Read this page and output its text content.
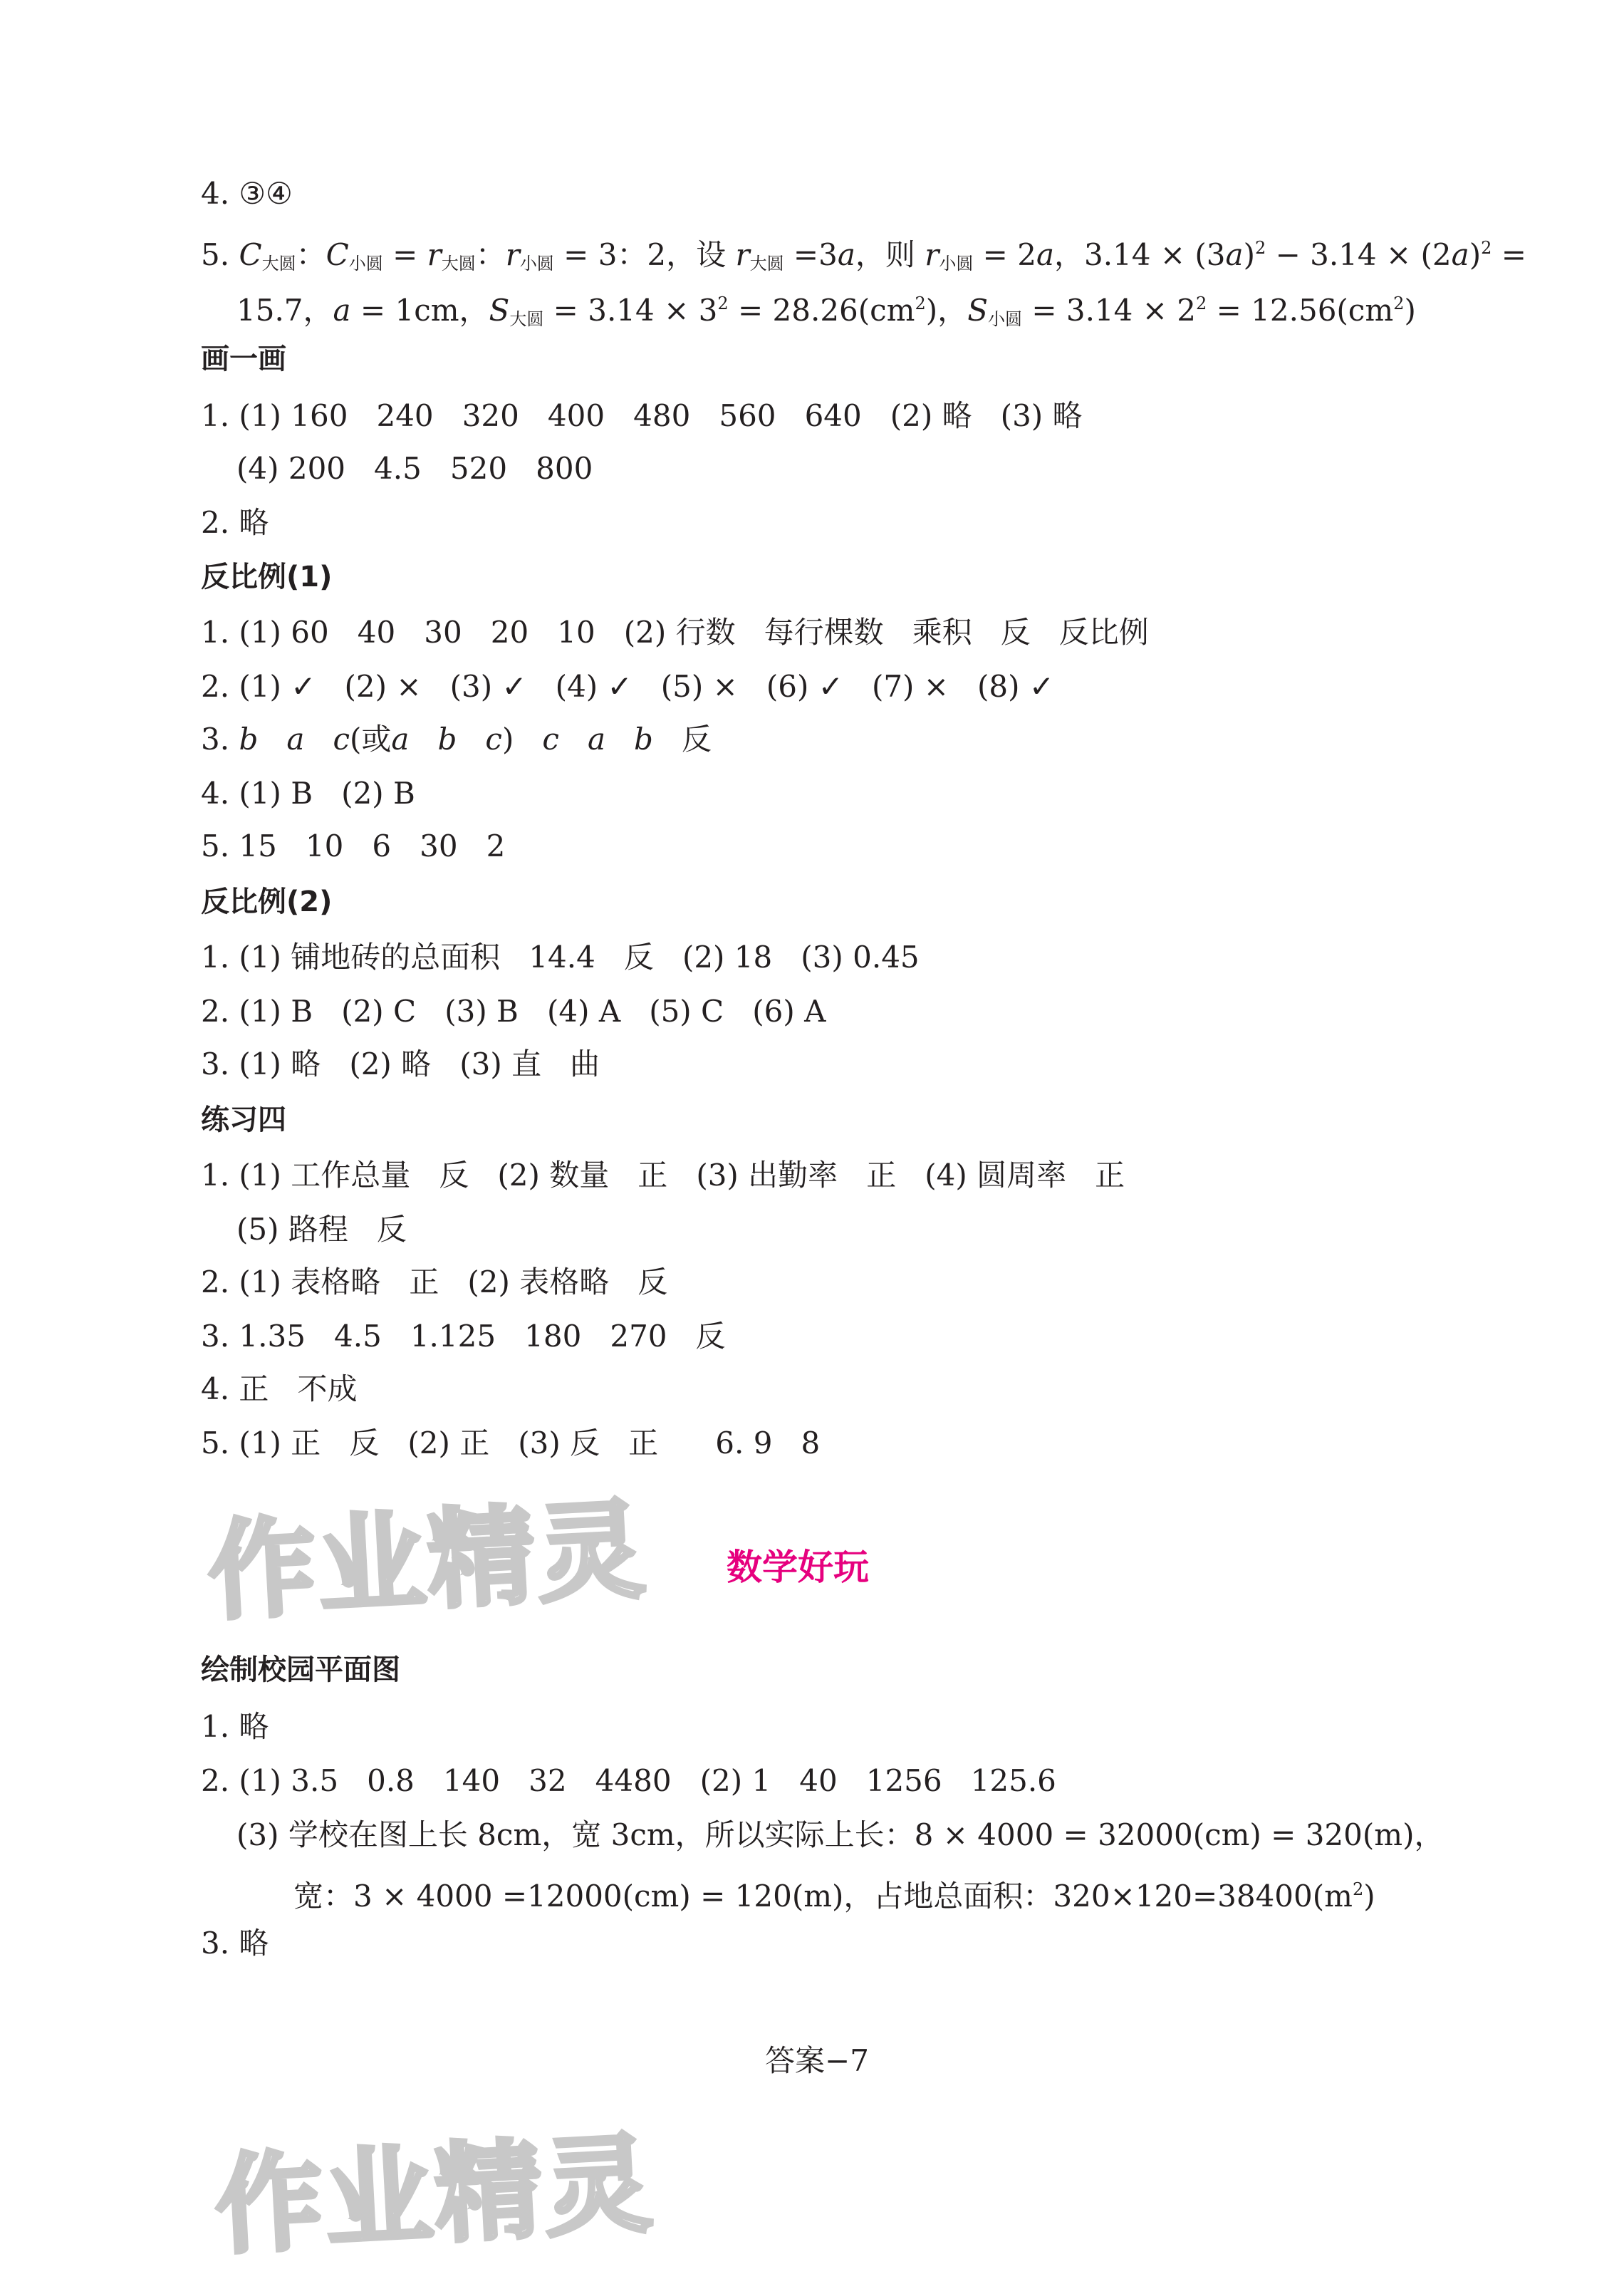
4. ③④
5. $C_{大圆}$：$C_{小圆} = r_{大圆}$：$r_{小圆} = 3$：2，设 $r_{大圆} =3a$，则 $r_{小圆} = 2a$，$3.14 \times (3a)^2 - 3.14 \times (2a)^2$ =
15.7，a = 1cm，$S_{大圆} = 3.14 \times 3^2 = 28.26(cm^2)$，$S_{小圆} = 3.14 \times 2^2 = 12.56(cm^2)$
画一画
1. (1) 160   240   320   400   480   560   640   (2) 略   (3) 略
(4) 200   4.5   520   800
2. 略
反比例(1)
1. (1) 60   40   30   20   10   (2) 行数   每行棵数   乘积   反   反比例
2. (1) ✓   (2) ×   (3) ✓   (4) ✓   (5) ×   (6) ✓   (7) ×   (8) ✓
3. b   a   c(或a   b   c)   c   a   b   反
4. (1) B   (2) B
5. 15   10   6   30   2
反比例(2)
1. (1) 铺地砖的总面积   14.4   反   (2) 18   (3) 0.45
2. (1) B   (2) C   (3) B   (4) A   (5) C   (6) A
3. (1) 略   (2) 略   (3) 直   曲
练习四
1. (1) 工作总量   反   (2) 数量   正   (3) 出勤率   正   (4) 圆周率   正
(5) 路程   反
2. (1) 表格略   正   (2) 表格略   反
3. 1.35   4.5   1.125   180   270   反
4. 正   不成
5. (1) 正   反   (2) 正   (3) 反   正      6. 9   8
作业精灵 数学好玩
绘制校园平面图
1. 略
2. (1) 3.5   0.8   140   32   4480   (2) 1   40   1256   125.6
(3) 学校在图上长 8cm，宽 3cm，所以实际上长：8 × 4000 = 32000(cm) = 320(m)，
宽：3 × 4000 =12000(cm) = 120(m)，占地总面积：$320\times 120=38400(m^2)$
3. 略
答案−7
作业精灵
